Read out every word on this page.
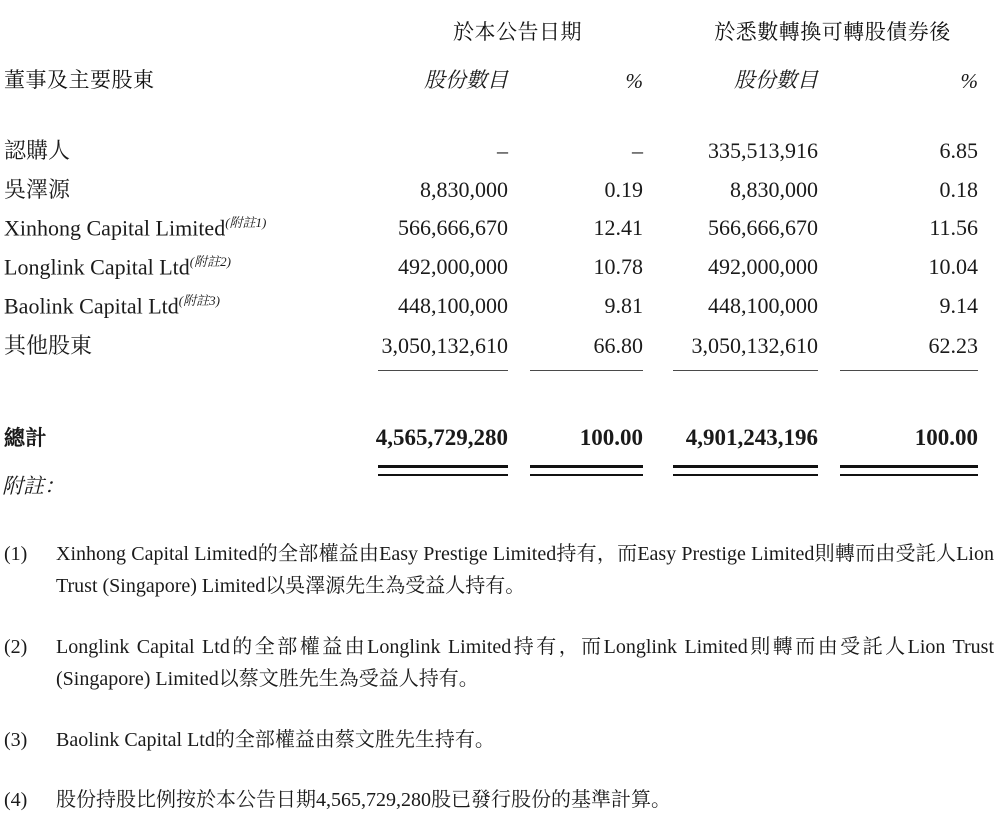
	於本公告日期		於悉數轉換可轉股債券後	
董事及主要股東	股份數目	%	股份數目	%

認購人	–	–	335,513,916	6.85
吳澤源	8,830,000	0.19	8,830,000	0.18
Xinhong Capital Limited$^{(附註1)}$	566,666,670	12.41	566,666,670	11.56
Longlink Capital Ltd$^{(附註2)}$	492,000,000	10.78	492,000,000	10.04
Baolink Capital Ltd$^{(附註3)}$	448,100,000	9.81	448,100,000	9.14
其他股東	3,050,132,610	66.80	3,050,132,610	62.23

總計	4,565,729,280	100.00	4,901,243,196	100.00

附註：
(1) Xinhong Capital Limited的全部權益由Easy Prestige Limited持有，而Easy Prestige Limited則轉而由受託人Lion Trust (Singapore) Limited以吳澤源先生為受益人持有。
(2) Longlink Capital Ltd的全部權益由Longlink Limited持有，而Longlink Limited則轉而由受託人Lion Trust (Singapore) Limited以蔡文胜先生為受益人持有。
(3) Baolink Capital Ltd的全部權益由蔡文胜先生持有。
(4) 股份持股比例按於本公告日期4,565,729,280股已發行股份的基準計算。
